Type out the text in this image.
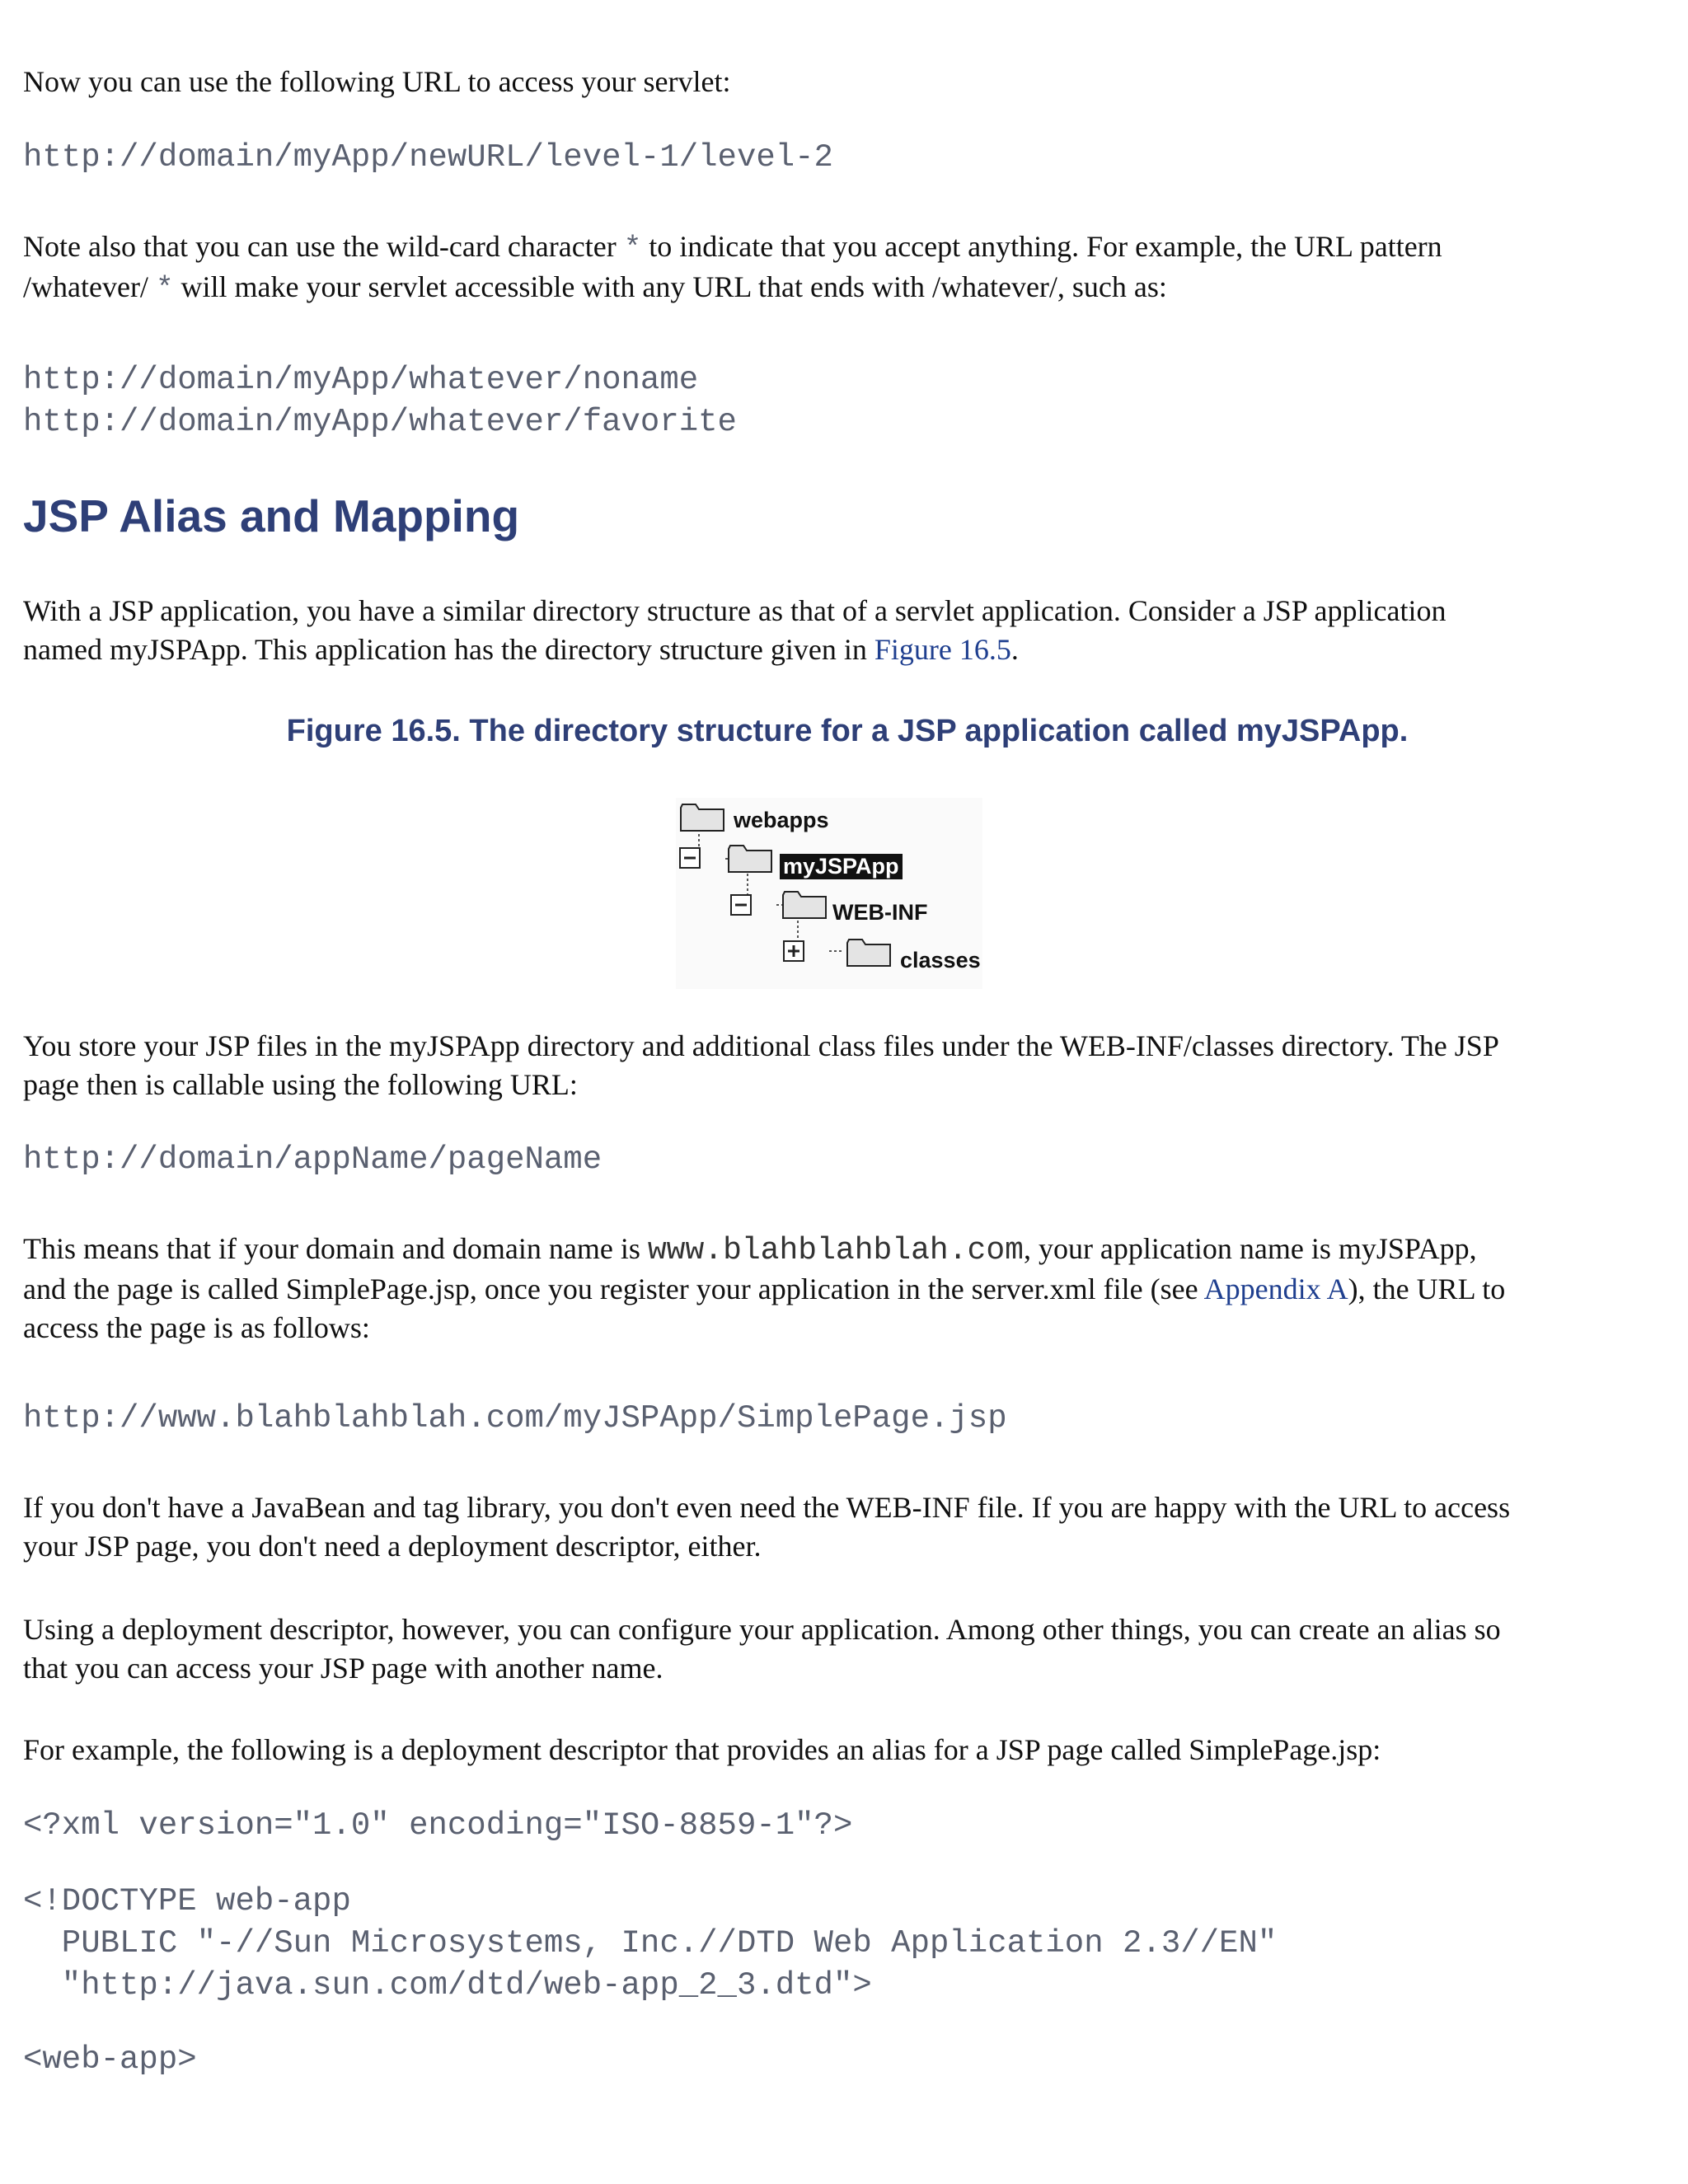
Now you can use the following URL to access your servlet:

http://domain/myApp/newURL/level-1/level-2

Note also that you can use the wild-card character * to indicate that you accept anything. For example, the URL pattern
/whatever/ * will make your servlet accessible with any URL that ends with /whatever/, such as:

http://domain/myApp/whatever/noname
http://domain/myApp/whatever/favorite
JSP Alias and Mapping

With a JSP application, you have a similar directory structure as that of a servlet application. Consider a JSP application
named myJSPApp. This application has the directory structure given in Figure 16.5.

Figure 16.5. The directory structure for a JSP application called myJSPApp.

You store your JSP files in the myJSPApp directory and additional class files under the WEB-INF/classes directory. The JSP
page then is callable using the following URL:

http://domain/appName/pageName

This means that if your domain and domain name is www.blahblahblah.com, your application name is myJSPApp,
and the page is called SimplePage.jsp, once you register your application in the server.xml file (see Appendix A), the URL to
access the page is as follows:

http://www.blahblahblah.com/myJSPApp/SimplePage.jsp

If you don't have a JavaBean and tag library, you don't even need the WEB-INF file. If you are happy with the URL to access
your JSP page, you don't need a deployment descriptor, either.

Using a deployment descriptor, however, you can configure your application. Among other things, you can create an alias so
that you can access your JSP page with another name.

For example, the following is a deployment descriptor that provides an alias for a JSP page called SimplePage.jsp:

<?xml version="1.0" encoding="ISO-8859-1"?>
<!DOCTYPE web-app
PUBLIC "-//Sun Microsystems, Inc.//DTD Web Application 2.3//EN"
"http://java.sun.com/dtd/web-app_2_3.dtd">
<web-app>
webapps
myJSPApp
WEB-INF
classes
